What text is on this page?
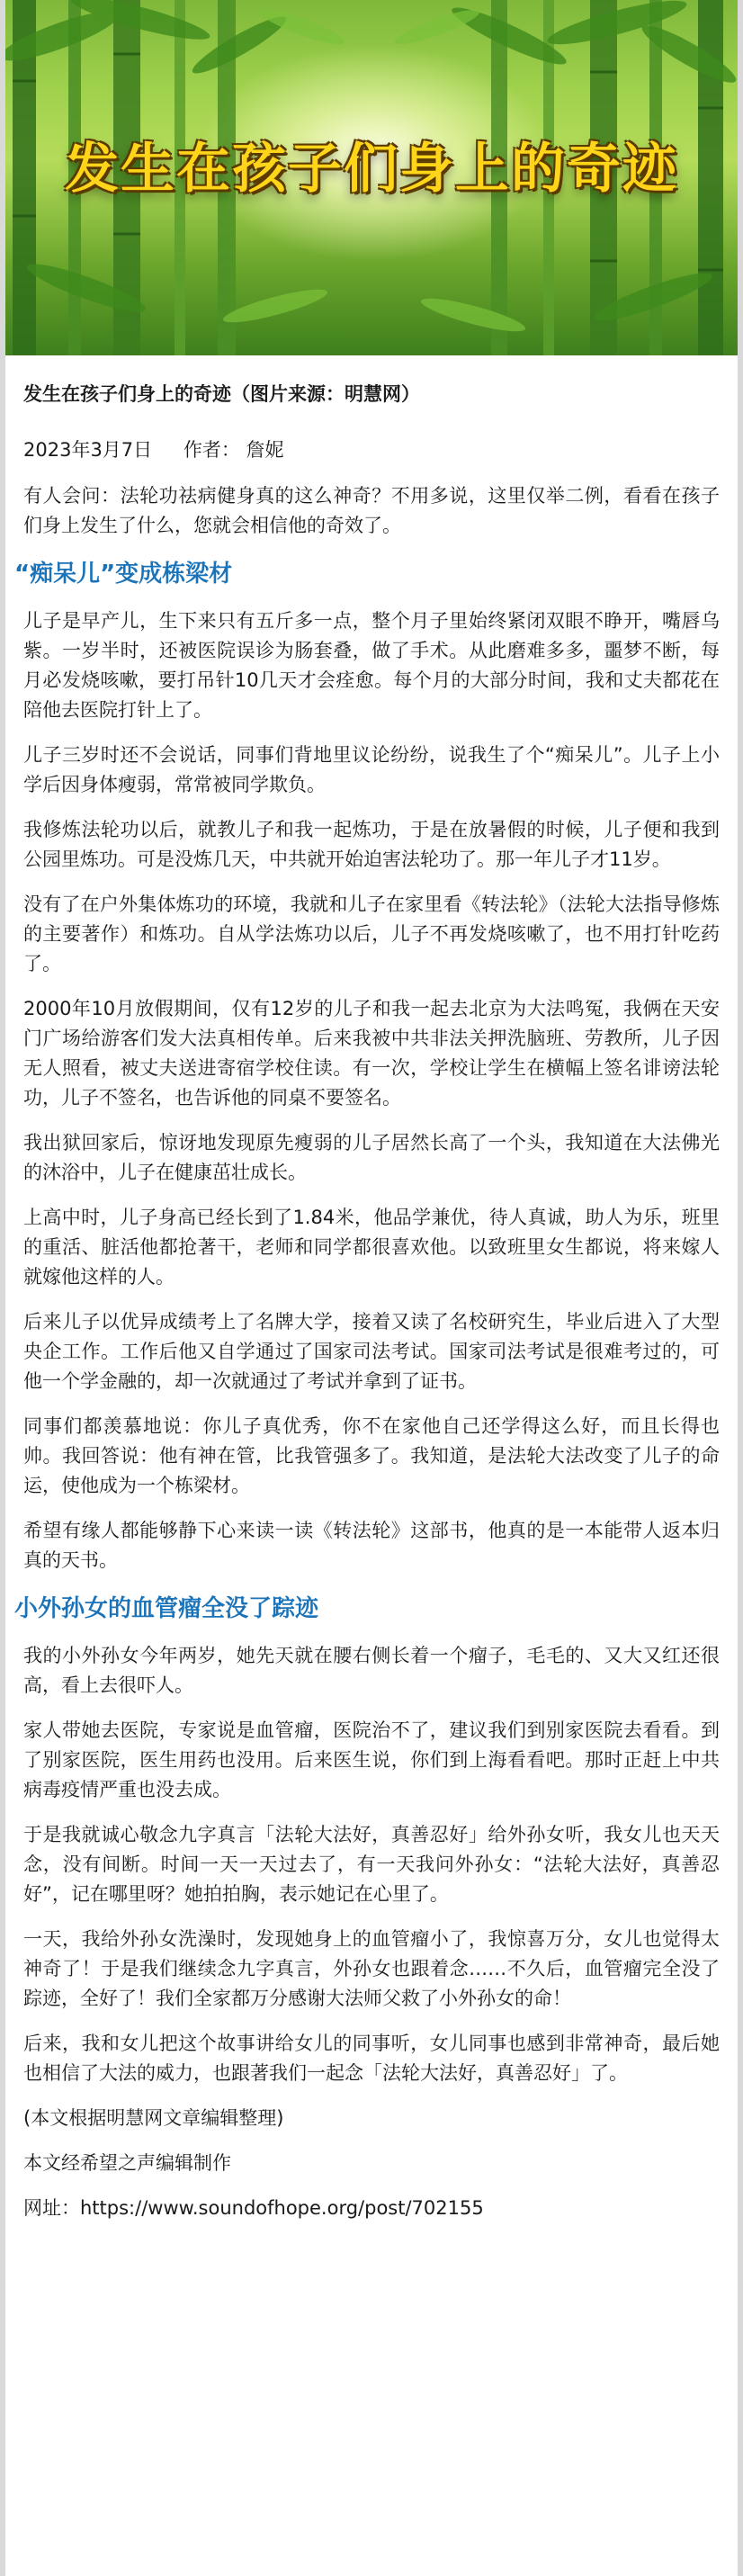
发生在孩子们身上的奇迹
发生在孩子们身上的奇迹（图片来源：明慧网）
2023年3月7日 作者： 詹妮

有人会问：法轮功祛病健身真的这么神奇？不用多说，这里仅举二例，看看在孩子们身上发生了什么，您就会相信他的奇效了。

“痴呆儿”变成栋梁材

儿子是早产儿，生下来只有五斤多一点，整个月子里始终紧闭双眼不睁开，嘴唇乌紫。一岁半时，还被医院误诊为肠套叠，做了手术。从此磨难多多，噩梦不断，每月必发烧咳嗽，要打吊针10几天才会痊愈。每个月的大部分时间，我和丈夫都花在陪他去医院打针上了。

儿子三岁时还不会说话，同事们背地里议论纷纷，说我生了个“痴呆儿”。儿子上小学后因身体瘦弱，常常被同学欺负。

我修炼法轮功以后，就教儿子和我一起炼功，于是在放暑假的时候，儿子便和我到公园里炼功。可是没炼几天，中共就开始迫害法轮功了。那一年儿子才11岁。

没有了在户外集体炼功的环境，我就和儿子在家里看《转法轮》（法轮大法指导修炼的主要著作）和炼功。自从学法炼功以后，儿子不再发烧咳嗽了，也不用打针吃药了。

2000年10月放假期间，仅有12岁的儿子和我一起去北京为大法鸣冤，我俩在天安门广场给游客们发大法真相传单。后来我被中共非法关押洗脑班、劳教所，儿子因无人照看，被丈夫送进寄宿学校住读。有一次，学校让学生在横幅上签名诽谤法轮功，儿子不签名，也告诉他的同桌不要签名。

我出狱回家后，惊讶地发现原先瘦弱的儿子居然长高了一个头，我知道在大法佛光的沐浴中，儿子在健康茁壮成长。

上高中时，儿子身高已经长到了1.84米，他品学兼优，待人真诚，助人为乐，班里的重活、脏活他都抢著干，老师和同学都很喜欢他。以致班里女生都说，将来嫁人就嫁他这样的人。

后来儿子以优异成绩考上了名牌大学，接着又读了名校研究生，毕业后进入了大型央企工作。工作后他又自学通过了国家司法考试。国家司法考试是很难考过的，可他一个学金融的，却一次就通过了考试并拿到了证书。

同事们都羡慕地说：你儿子真优秀，你不在家他自己还学得这么好，而且长得也帅。我回答说：他有神在管，比我管强多了。我知道，是法轮大法改变了儿子的命运，使他成为一个栋梁材。

希望有缘人都能够静下心来读一读《转法轮》这部书，他真的是一本能带人返本归真的天书。

小外孙女的血管瘤全没了踪迹

我的小外孙女今年两岁，她先天就在腰右侧长着一个瘤子，毛毛的、又大又红还很高，看上去很吓人。

家人带她去医院，专家说是血管瘤，医院治不了，建议我们到别家医院去看看。到了别家医院，医生用药也没用。后来医生说，你们到上海看看吧。那时正赶上中共病毒疫情严重也没去成。

于是我就诚心敬念九字真言「法轮大法好，真善忍好」给外孙女听，我女儿也天天念，没有间断。时间一天一天过去了，有一天我问外孙女：“法轮大法好，真善忍好”，记在哪里呀？她拍拍胸，表示她记在心里了。

一天，我给外孙女洗澡时，发现她身上的血管瘤小了，我惊喜万分，女儿也觉得太神奇了！于是我们继续念九字真言，外孙女也跟着念……不久后，血管瘤完全没了踪迹，全好了！我们全家都万分感谢大法师父救了小外孙女的命！

后来，我和女儿把这个故事讲给女儿的同事听，女儿同事也感到非常神奇，最后她也相信了大法的威力，也跟著我们一起念「法轮大法好，真善忍好」了。

(本文根据明慧网文章编辑整理)

本文经希望之声编辑制作

网址：https://www.soundofhope.org/post/702155
